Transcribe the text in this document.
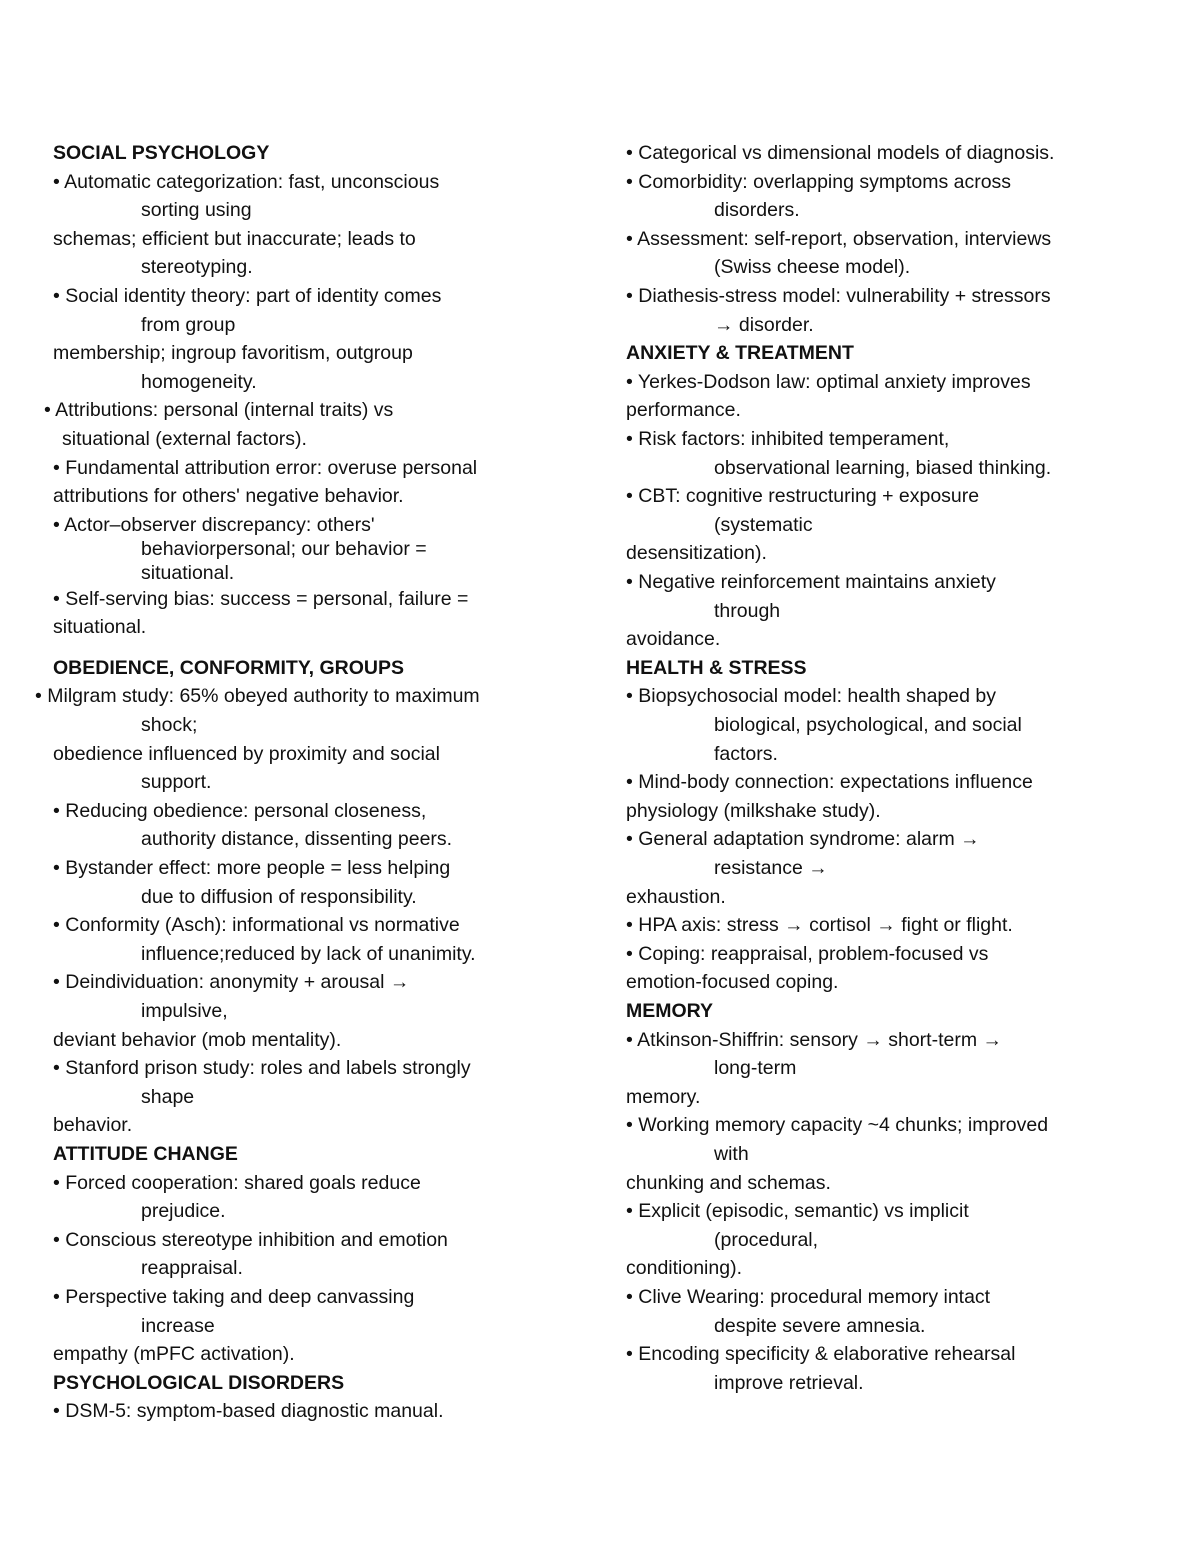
SOCIAL PSYCHOLOGY
• Automatic categorization: fast, unconscious
sorting using
schemas; efficient but inaccurate; leads to
stereotyping.
• Social identity theory: part of identity comes
from group
membership; ingroup favoritism, outgroup
homogeneity.
• Attributions: personal (internal traits) vs
situational (external factors).
• Fundamental attribution error: overuse personal
attributions for others' negative behavior.
• Actor–observer discrepancy: others'
behaviorpersonal; our behavior =
situational.
• Self-serving bias: success = personal, failure =
situational.
OBEDIENCE, CONFORMITY, GROUPS
• Milgram study: 65% obeyed authority to maximum
shock;
obedience influenced by proximity and social
support.
• Reducing obedience: personal closeness,
authority distance, dissenting peers.
• Bystander effect: more people = less helping
due to diffusion of responsibility.
• Conformity (Asch): informational vs normative
influence;reduced by lack of unanimity.
• Deindividuation: anonymity + arousal →
impulsive,
deviant behavior (mob mentality).
• Stanford prison study: roles and labels strongly
shape
behavior.
ATTITUDE CHANGE
• Forced cooperation: shared goals reduce
prejudice.
• Conscious stereotype inhibition and emotion
reappraisal.
• Perspective taking and deep canvassing
increase
empathy (mPFC activation).
PSYCHOLOGICAL DISORDERS
• DSM-5: symptom-based diagnostic manual.
• Categorical vs dimensional models of diagnosis.
• Comorbidity: overlapping symptoms across
disorders.
• Assessment: self-report, observation, interviews
(Swiss cheese model).
• Diathesis-stress model: vulnerability + stressors
→ disorder.
ANXIETY & TREATMENT
• Yerkes-Dodson law: optimal anxiety improves
performance.
• Risk factors: inhibited temperament,
observational learning, biased thinking.
• CBT: cognitive restructuring + exposure
(systematic
desensitization).
• Negative reinforcement maintains anxiety
through
avoidance.
HEALTH & STRESS
• Biopsychosocial model: health shaped by
biological, psychological, and social
factors.
• Mind-body connection: expectations influence
physiology (milkshake study).
• General adaptation syndrome: alarm →
resistance →
exhaustion.
• HPA axis: stress → cortisol → fight or flight.
• Coping: reappraisal, problem-focused vs
emotion-focused coping.
MEMORY
• Atkinson-Shiffrin: sensory → short-term →
long-term
memory.
• Working memory capacity ~4 chunks; improved
with
chunking and schemas.
• Explicit (episodic, semantic) vs implicit
(procedural,
conditioning).
• Clive Wearing: procedural memory intact
despite severe amnesia.
• Encoding specificity & elaborative rehearsal
improve retrieval.
